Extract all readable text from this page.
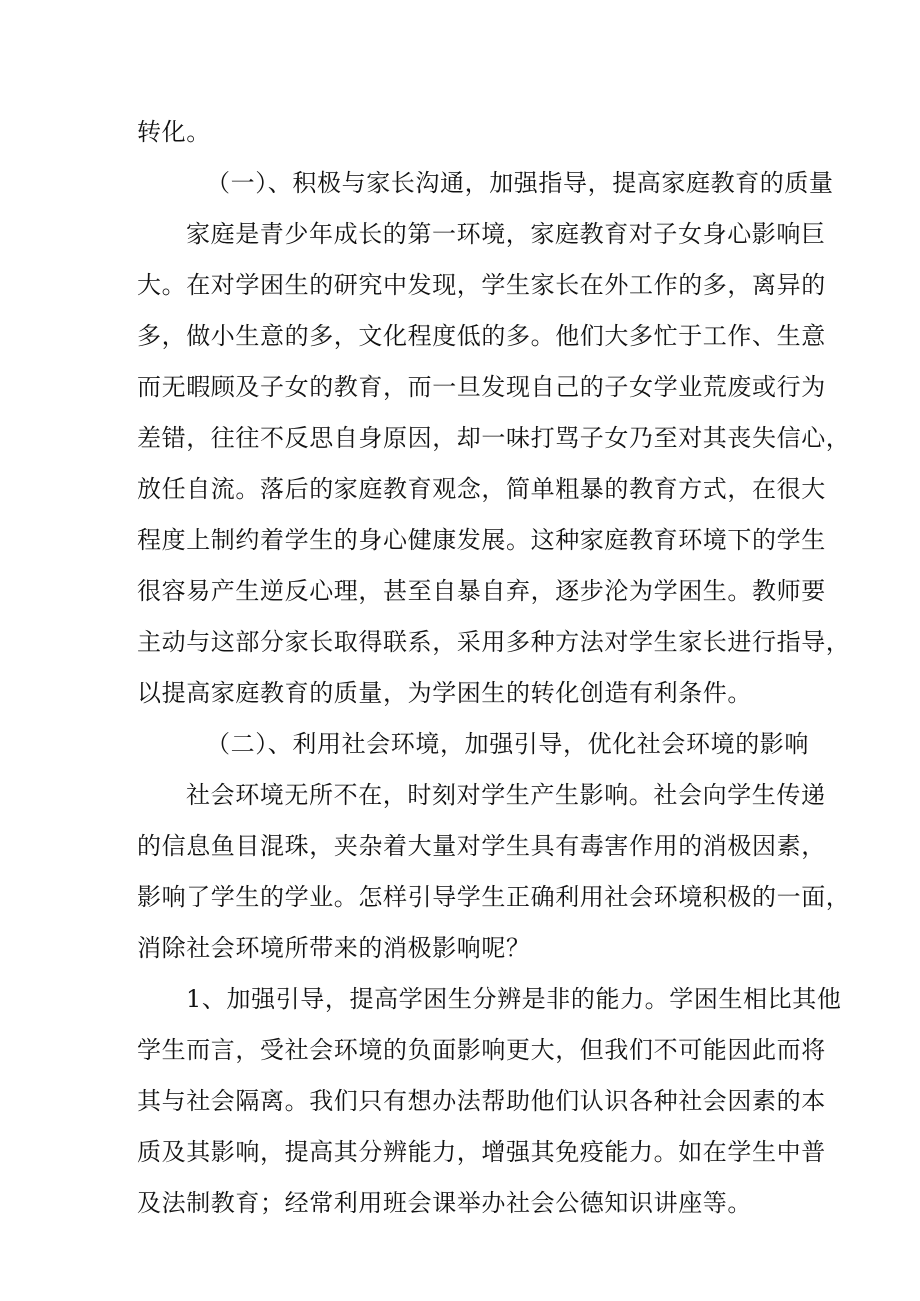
转化。
（一）、积极与家长沟通，加强指导，提高家庭教育的质量
家庭是青少年成长的第一环境，家庭教育对子女身心影响巨
大。在对学困生的研究中发现，学生家长在外工作的多，离异的
多，做小生意的多，文化程度低的多。他们大多忙于工作、生意
而无暇顾及子女的教育，而一旦发现自己的子女学业荒废或行为
差错，往往不反思自身原因，却一味打骂子女乃至对其丧失信心，
放任自流。落后的家庭教育观念，简单粗暴的教育方式，在很大
程度上制约着学生的身心健康发展。这种家庭教育环境下的学生
很容易产生逆反心理，甚至自暴自弃，逐步沦为学困生。教师要
主动与这部分家长取得联系，采用多种方法对学生家长进行指导，
以提高家庭教育的质量，为学困生的转化创造有利条件。
（二）、利用社会环境，加强引导，优化社会环境的影响
社会环境无所不在，时刻对学生产生影响。社会向学生传递
的信息鱼目混珠，夹杂着大量对学生具有毒害作用的消极因素，
影响了学生的学业。怎样引导学生正确利用社会环境积极的一面，
消除社会环境所带来的消极影响呢？
1、加强引导，提高学困生分辨是非的能力。学困生相比其他
学生而言，受社会环境的负面影响更大，但我们不可能因此而将
其与社会隔离。我们只有想办法帮助他们认识各种社会因素的本
质及其影响，提高其分辨能力，增强其免疫能力。如在学生中普
及法制教育；经常利用班会课举办社会公德知识讲座等。
